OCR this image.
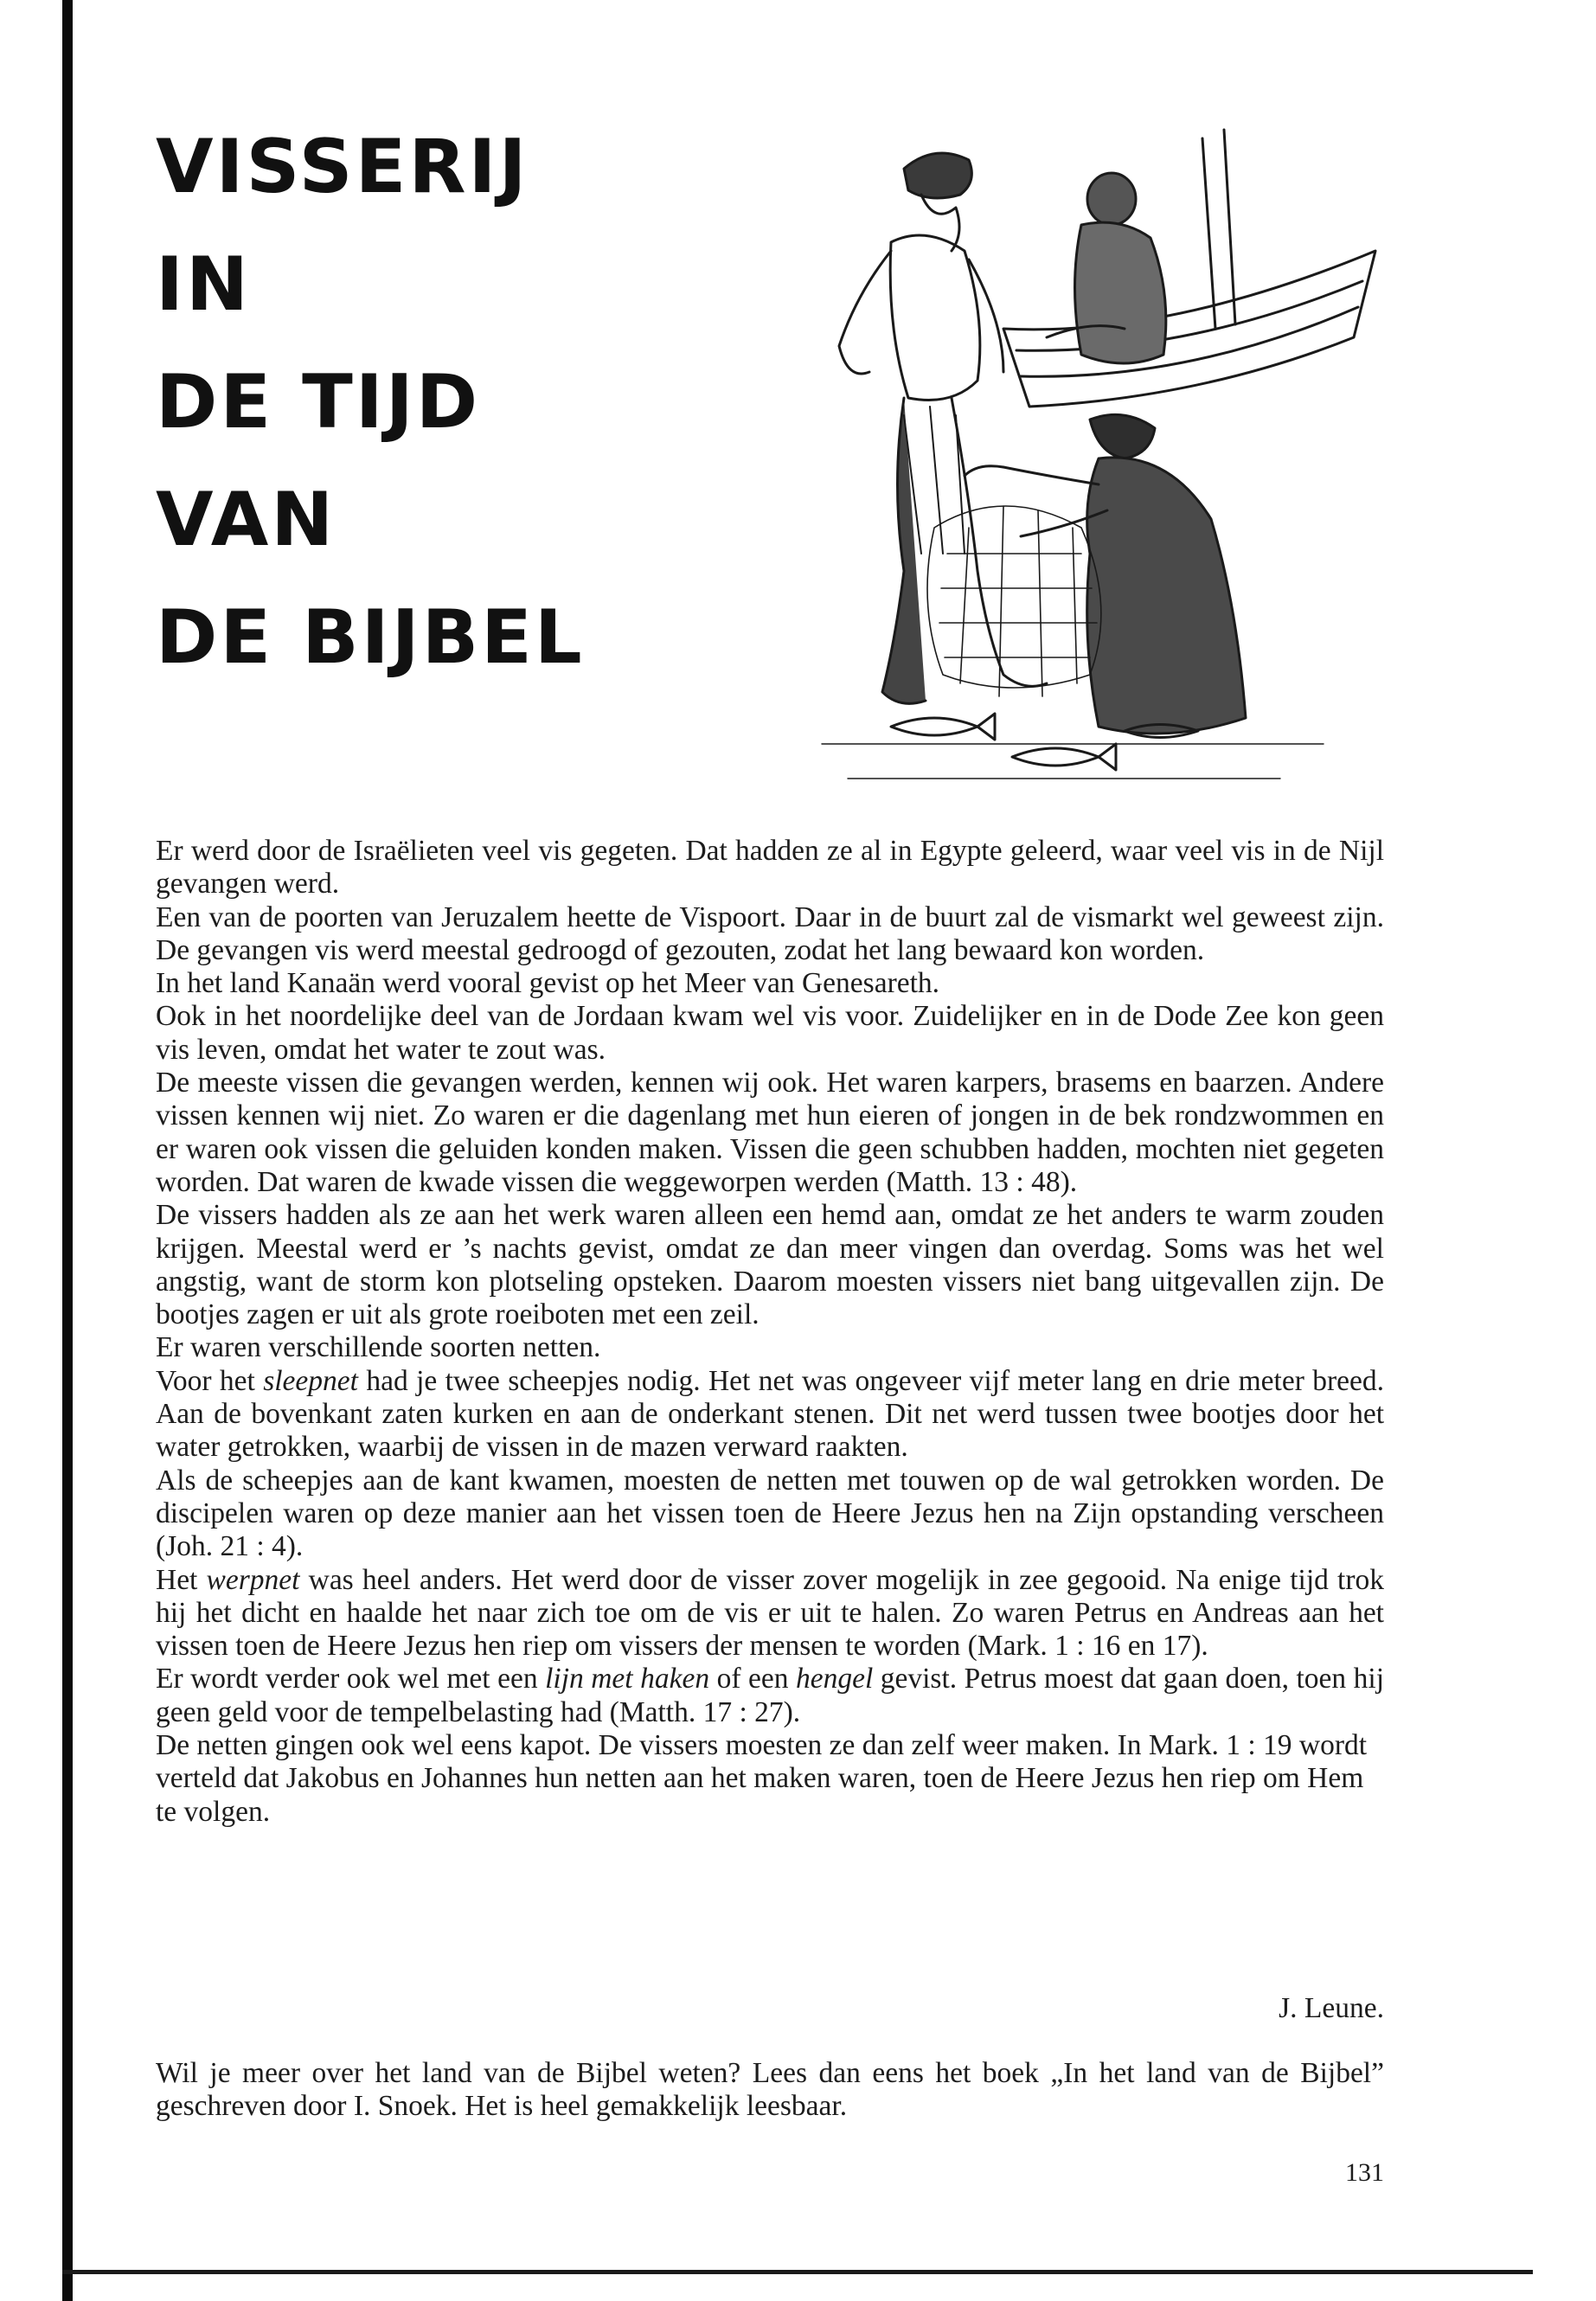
VISSERIJ
IN
DE TIJD
VAN
DE BIJBEL

Er werd door de Israëlieten veel vis gegeten. Dat hadden ze al in Egypte geleerd, waar veel vis in de Nijl gevangen werd.

Een van de poorten van Jeruzalem heette de Vispoort. Daar in de buurt zal de vismarkt wel geweest zijn. De gevangen vis werd meestal gedroogd of gezouten, zodat het lang bewaard kon worden.

In het land Kanaän werd vooral gevist op het Meer van Genesareth.

Ook in het noordelijke deel van de Jordaan kwam wel vis voor. Zuidelijker en in de Dode Zee kon geen vis leven, omdat het water te zout was.

De meeste vissen die gevangen werden, kennen wij ook. Het waren karpers, brasems en baarzen. Andere vissen kennen wij niet. Zo waren er die dagenlang met hun eieren of jongen in de bek rondzwommen en er waren ook vissen die geluiden konden maken. Vissen die geen schubben hadden, mochten niet gegeten worden. Dat waren de kwade vissen die weggeworpen werden (Matth. 13 : 48).

De vissers hadden als ze aan het werk waren alleen een hemd aan, omdat ze het anders te warm zouden krijgen. Meestal werd er ’s nachts gevist, omdat ze dan meer vingen dan overdag. Soms was het wel angstig, want de storm kon plotseling opsteken. Daarom moesten vissers niet bang uitgevallen zijn. De bootjes zagen er uit als grote roeiboten met een zeil.

Er waren verschillende soorten netten.

Voor het sleepnet had je twee scheepjes nodig. Het net was ongeveer vijf meter lang en drie meter breed. Aan de bovenkant zaten kurken en aan de onderkant stenen. Dit net werd tussen twee bootjes door het water getrokken, waarbij de vissen in de mazen verward raakten.

Als de scheepjes aan de kant kwamen, moesten de netten met touwen op de wal getrokken worden. De discipelen waren op deze manier aan het vissen toen de Heere Jezus hen na Zijn opstanding verscheen (Joh. 21 : 4).

Het werpnet was heel anders. Het werd door de visser zover mogelijk in zee gegooid. Na enige tijd trok hij het dicht en haalde het naar zich toe om de vis er uit te halen. Zo waren Petrus en Andreas aan het vissen toen de Heere Jezus hen riep om vissers der mensen te worden (Mark. 1 : 16 en 17).

Er wordt verder ook wel met een lijn met haken of een hengel gevist. Petrus moest dat gaan doen, toen hij geen geld voor de tempelbelasting had (Matth. 17 : 27).

De netten gingen ook wel eens kapot. De vissers moesten ze dan zelf weer maken. In Mark. 1 : 19 wordt verteld dat Jakobus en Johannes hun netten aan het maken waren, toen de Heere Jezus hen riep om Hem te volgen.

J. Leune.

Wil je meer over het land van de Bijbel weten? Lees dan eens het boek „In het land van de Bijbel” geschreven door I. Snoek. Het is heel gemakkelijk leesbaar.

131
